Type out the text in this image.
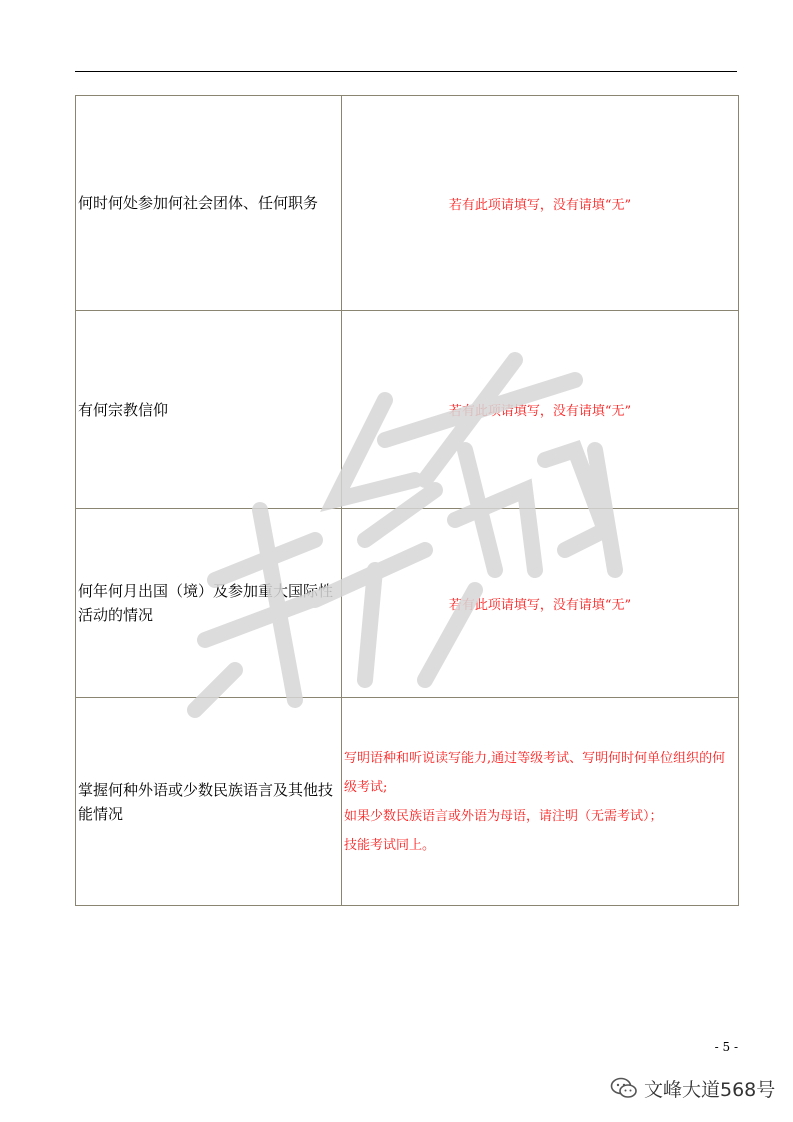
何时何处参加何社会团体、任何职务	若有此项请填写，没有请填“无”
有何宗教信仰	若有此项请填写，没有请填“无”
何年何月出国（境）及参加重大国际性活动的情况	若有此项请填写，没有请填“无”
掌握何种外语或少数民族语言及其他技能情况	写明语种和听说读写能力,通过等级考试、写明何时何单位组织的何级考试;
如果少数民族语言或外语为母语，请注明（无需考试）；
技能考试同上。
- 5 -
文峰大道568号
